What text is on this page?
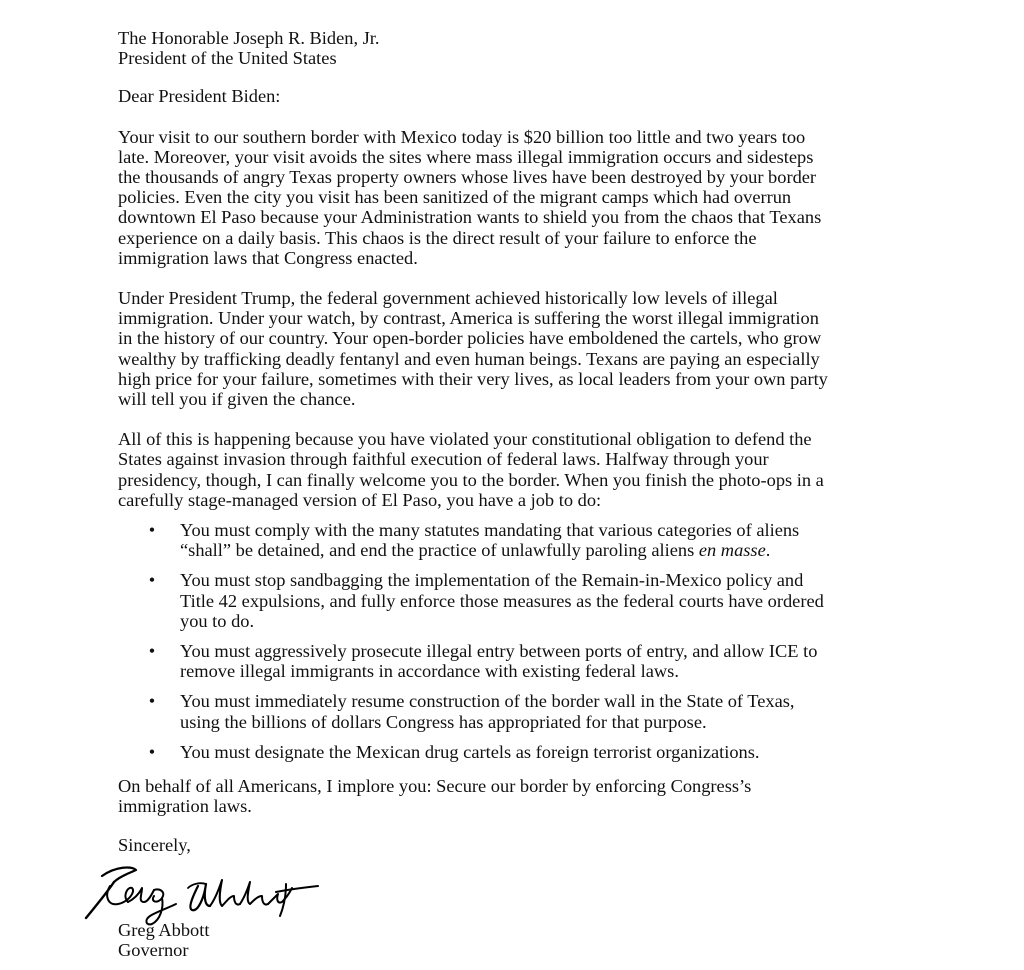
The Honorable Joseph R. Biden, Jr.
President of the United States
Dear President Biden:
Your visit to our southern border with Mexico today is $20 billion too little and two years too
late. Moreover, your visit avoids the sites where mass illegal immigration occurs and sidesteps
the thousands of angry Texas property owners whose lives have been destroyed by your border
policies. Even the city you visit has been sanitized of the migrant camps which had overrun
downtown El Paso because your Administration wants to shield you from the chaos that Texans
experience on a daily basis. This chaos is the direct result of your failure to enforce the
immigration laws that Congress enacted.
Under President Trump, the federal government achieved historically low levels of illegal
immigration. Under your watch, by contrast, America is suffering the worst illegal immigration
in the history of our country. Your open-border policies have emboldened the cartels, who grow
wealthy by trafficking deadly fentanyl and even human beings. Texans are paying an especially
high price for your failure, sometimes with their very lives, as local leaders from your own party
will tell you if given the chance.
All of this is happening because you have violated your constitutional obligation to defend the
States against invasion through faithful execution of federal laws. Halfway through your
presidency, though, I can finally welcome you to the border. When you finish the photo-ops in a
carefully stage-managed version of El Paso, you have a job to do:
• You must comply with the many statutes mandating that various categories of aliens
“shall” be detained, and end the practice of unlawfully paroling aliens en masse.
• You must stop sandbagging the implementation of the Remain-in-Mexico policy and
Title 42 expulsions, and fully enforce those measures as the federal courts have ordered
you to do.
• You must aggressively prosecute illegal entry between ports of entry, and allow ICE to
remove illegal immigrants in accordance with existing federal laws.
• You must immediately resume construction of the border wall in the State of Texas,
using the billions of dollars Congress has appropriated for that purpose.
• You must designate the Mexican drug cartels as foreign terrorist organizations.
On behalf of all Americans, I implore you: Secure our border by enforcing Congress’s
immigration laws.
Sincerely,
Greg Abbott
Governor
